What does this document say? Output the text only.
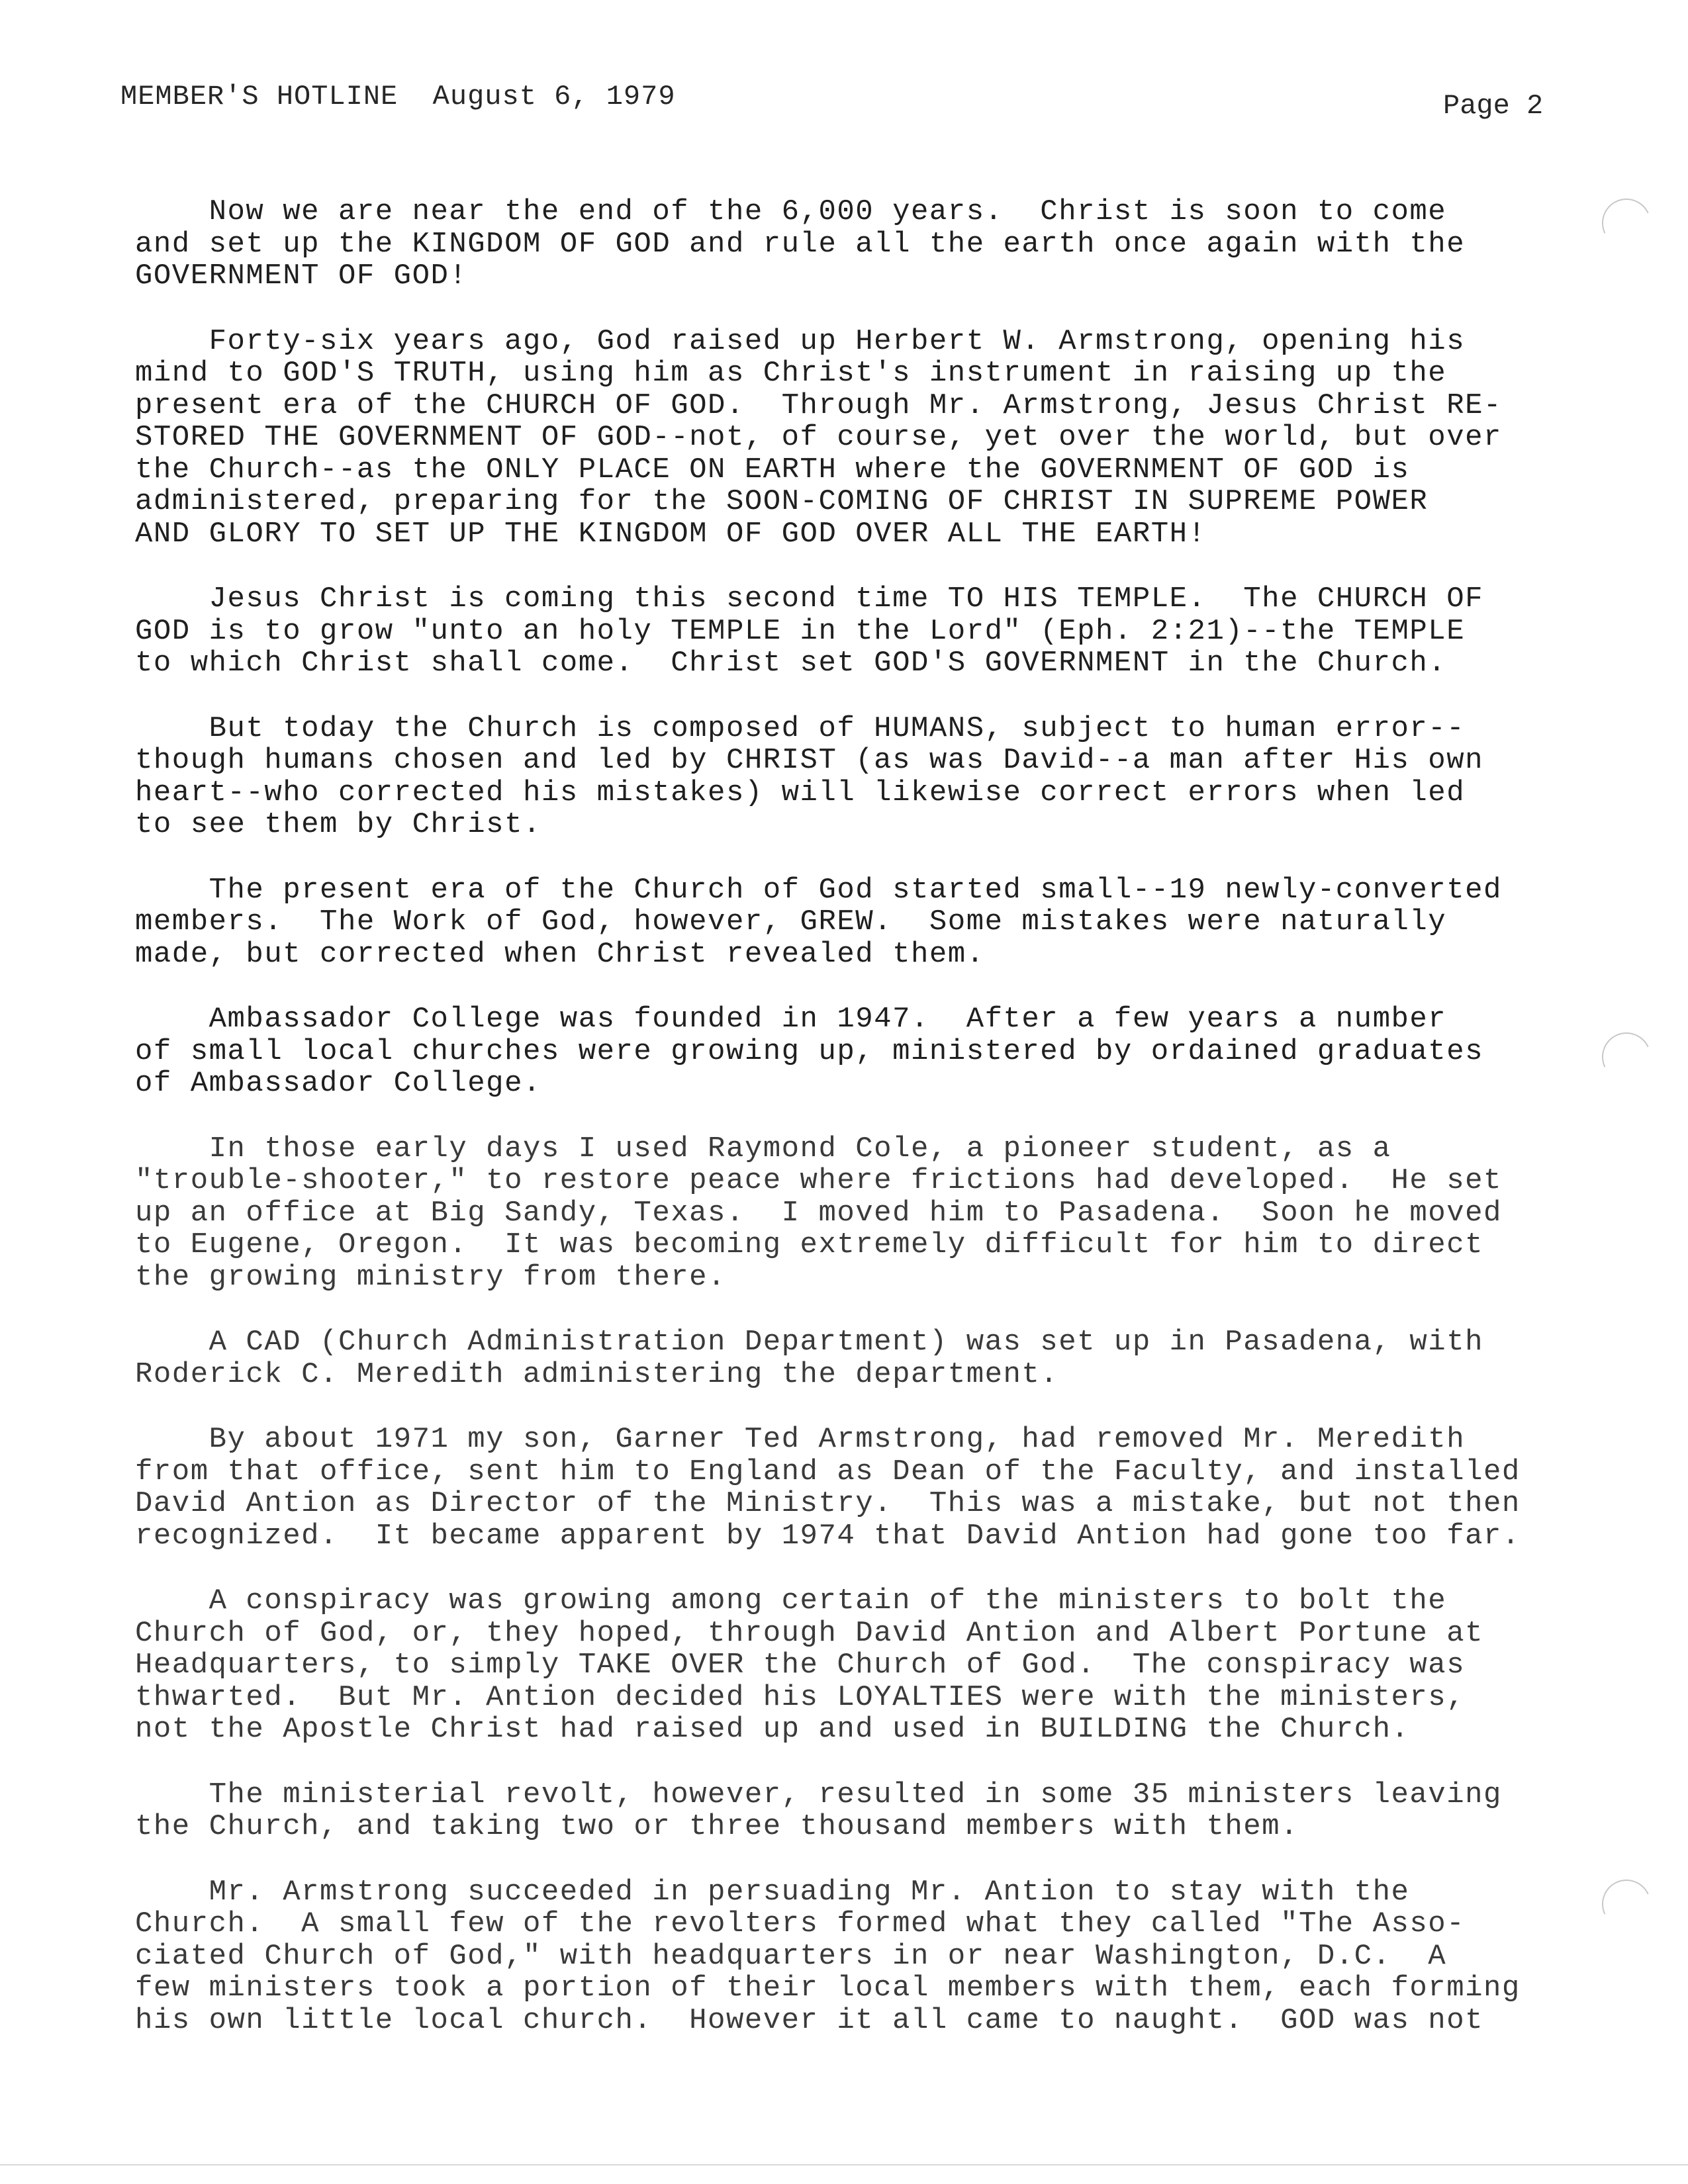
MEMBER'S HOTLINE  August 6, 1979	Page 2

Now we are near the end of the 6,000 years.  Christ is soon to come
and set up the KINGDOM OF GOD and rule all the earth once again with the
GOVERNMENT OF GOD!

Forty-six years ago, God raised up Herbert W. Armstrong, opening his
mind to GOD'S TRUTH, using him as Christ's instrument in raising up the
present era of the CHURCH OF GOD.  Through Mr. Armstrong, Jesus Christ RE-
STORED THE GOVERNMENT OF GOD--not, of course, yet over the world, but over
the Church--as the ONLY PLACE ON EARTH where the GOVERNMENT OF GOD is
administered, preparing for the SOON-COMING OF CHRIST IN SUPREME POWER
AND GLORY TO SET UP THE KINGDOM OF GOD OVER ALL THE EARTH!

Jesus Christ is coming this second time TO HIS TEMPLE.  The CHURCH OF
GOD is to grow "unto an holy TEMPLE in the Lord" (Eph. 2:21)--the TEMPLE
to which Christ shall come.  Christ set GOD'S GOVERNMENT in the Church.

But today the Church is composed of HUMANS, subject to human error--
though humans chosen and led by CHRIST (as was David--a man after His own
heart--who corrected his mistakes) will likewise correct errors when led
to see them by Christ.

The present era of the Church of God started small--19 newly-converted
members.  The Work of God, however, GREW.  Some mistakes were naturally
made, but corrected when Christ revealed them.

Ambassador College was founded in 1947.  After a few years a number
of small local churches were growing up, ministered by ordained graduates
of Ambassador College.

In those early days I used Raymond Cole, a pioneer student, as a
"trouble-shooter," to restore peace where frictions had developed.  He set
up an office at Big Sandy, Texas.  I moved him to Pasadena.  Soon he moved
to Eugene, Oregon.  It was becoming extremely difficult for him to direct
the growing ministry from there.

A CAD (Church Administration Department) was set up in Pasadena, with
Roderick C. Meredith administering the department.

By about 1971 my son, Garner Ted Armstrong, had removed Mr. Meredith
from that office, sent him to England as Dean of the Faculty, and installed
David Antion as Director of the Ministry.  This was a mistake, but not then
recognized.  It became apparent by 1974 that David Antion had gone too far.

A conspiracy was growing among certain of the ministers to bolt the
Church of God, or, they hoped, through David Antion and Albert Portune at
Headquarters, to simply TAKE OVER the Church of God.  The conspiracy was
thwarted.  But Mr. Antion decided his LOYALTIES were with the ministers,
not the Apostle Christ had raised up and used in BUILDING the Church.

The ministerial revolt, however, resulted in some 35 ministers leaving
the Church, and taking two or three thousand members with them.

Mr. Armstrong succeeded in persuading Mr. Antion to stay with the
Church.  A small few of the revolters formed what they called "The Asso-
ciated Church of God," with headquarters in or near Washington, D.C.  A
few ministers took a portion of their local members with them, each forming
his own little local church.  However it all came to naught.  GOD was not
